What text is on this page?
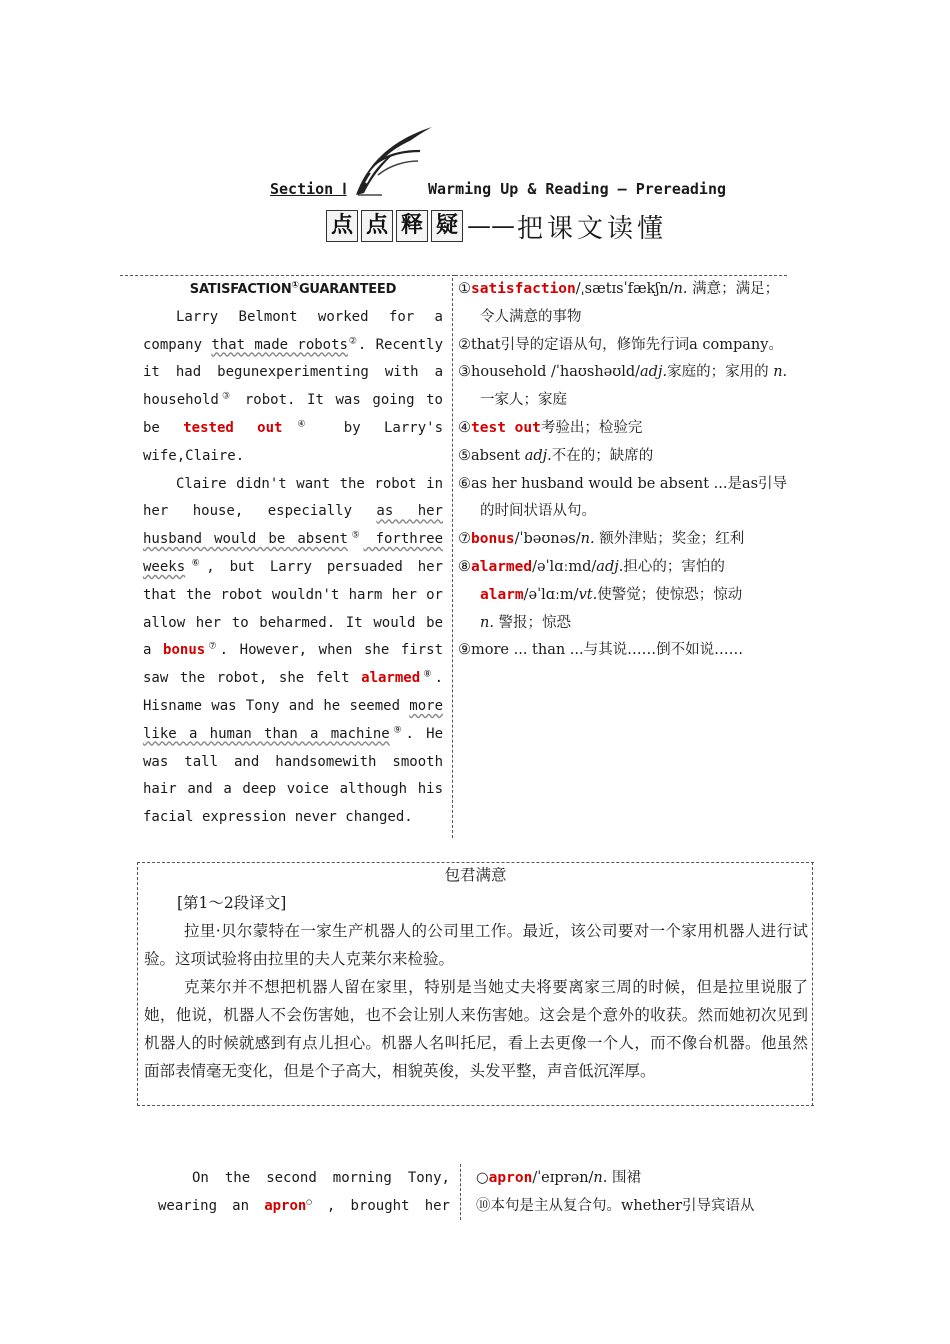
Section Ⅰ	Warming Up & Reading — Prereading
点 点 释 疑 —— 把课文读懂
SATISFACTION①GUARANTEED

Larry Belmont worked for a company that made robots②. Recently it had begunexperimenting with a household③ robot. It was going to be tested out④ by Larry's wife,Claire.

Claire didn't want the robot in her house, especially as her husband would be absent⑤ forthree weeks⑥, but Larry persuaded her that the robot wouldn't harm her or allow her to beharmed. It would be a bonus⑦. However, when she first saw the robot, she felt alarmed⑧. Hisname was Tony and he seemed more like a human than a machine⑨. He was tall and handsomewith smooth hair and a deep voice although his facial expression never changed.

①satisfaction/ˌsætɪsˈfækʃn/n. 满意；满足；令人满意的事物
②that引导的定语从句，修饰先行词a company。
③household /ˈhaʊshəʊld/adj.家庭的；家用的 n. 一家人；家庭
④test out考验出；检验完
⑤absent adj.不在的；缺席的
⑥as her husband would be absent ...是as引导的时间状语从句。
⑦bonus/ˈbəʊnəs/n. 额外津贴；奖金；红利
⑧alarmed/əˈlɑːmd/adj.担心的；害怕的
alarm/əˈlɑːm/vt.使警觉；使惊恐；惊动
n. 警报；惊恐
⑨more ... than ...与其说……倒不如说……
包君满意
[第1～2段译文]

拉里·贝尔蒙特在一家生产机器人的公司里工作。最近，该公司要对一个家用机器人进行试验。这项试验将由拉里的夫人克莱尔来检验。

克莱尔并不想把机器人留在家里，特别是当她丈夫将要离家三周的时候，但是拉里说服了她，他说，机器人不会伤害她，也不会让别人来伤害她。这会是个意外的收获。然而她初次见到机器人的时候就感到有点儿担心。机器人名叫托尼，看上去更像一个人，而不像台机器。他虽然面部表情毫无变化，但是个子高大，相貌英俊，头发平整，声音低沉浑厚。

On the second morning Tony,
wearing an apron○ , brought her
○apron/ˈeɪprən/n. 围裙
⑩本句是主从复合句。whether引导宾语从
